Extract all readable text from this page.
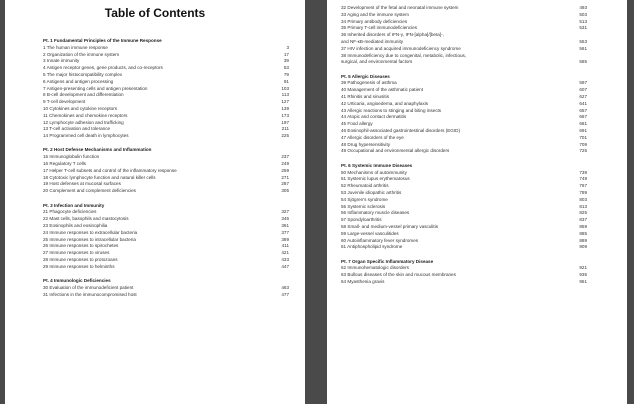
Table of Contents
Pt. 1 Fundamental Principles of the Immune Response
1 The human immune response	3
2 Organization of the immune system	17
3 Innate immunity	39
4 Antigen receptor genes, gene products, and co-receptors	53
5 The major histocompatibility complex	79
6 Antigens and antigen processing	91
7 Antigen-presenting cells and antigen presentation	103
8 B-cell development and differentiation	113
9 T-cell development	127
10 Cytokines and cytokine receptors	139
11 Chemokines and chemokine receptors	173
12 Lymphocyte adhesion and trafficking	197
13 T-cell activation and tolerance	211
14 Programmed cell death in lymphocytes	225
Pt. 2 Host Defense Mechanisms and Inflammation
15 Immunoglobulin function	237
16 Regulatory T cells	249
17 Helper T-cell subsets and control of the inflammatory response	259
18 Cytotoxic lymphocyte function and natural killer cells	271
19 Host defenses at mucosal surfaces	287
20 Complement and complement deficiencies	305
Pt. 3 Infection and Immunity
21 Phagocyte deficiencies	327
22 Mast cells, basophils and mastocytosis	345
23 Eosinophils and eosinophilia	361
24 Immune responses to extracellular bacteria	377
25 Immune responses to intracellular bacteria	389
26 Immune responses to spirochetes	411
27 Immune responses to viruses	421
28 Immune responses to protozoans	433
29 Immune responses to helminths	447
Pt. 4 Immunologic Deficiencies
30 Evaluation of the immunodeficient patient	463
31 Infections in the immunocompromised host	477
32 Development of the fetal and neonatal immune system	493
33 Aging and the immune system	503
34 Primary antibody deficiencies	513
35 Primary T-cell immunodeficiencies	531
36 Inherited disorders of IFN-γ, IFN-[alpha]/[beta]-,
and NF-κB-mediated immunity	553
37 HIV infection and acquired immunodeficiency syndrome	561
38 Immunodeficiency due to congenital, metabolic, infectious,
surgical, and environmental factors	585
Pt. 5 Allergic Diseases
39 Pathogenesis of asthma	597
40 Management of the asthmatic patient	607
41 Rhinitis and sinusitis	627
42 Urticaria, angioedema, and anaphylaxis	641
43 Allergic reactions to stinging and biting insects	657
44 Atopic and contact dermatitis	667
45 Food allergy	681
46 Eosinophil-associated gastrointestinal disorders (EGID)	691
47 Allergic disorders of the eye	701
48 Drug hypersensitivity	709
49 Occupational and environmental allergic disorders	725
Pt. 6 Systemic Immune Diseases
50 Mechanisms of autoimmunity	739
51 Systemic lupus erythematosus	749
52 Rheumatoid arthritis	767
53 Juvenile idiopathic arthritis	789
54 Sjögren's syndrome	803
55 Systemic sclerosis	813
56 Inflammatory muscle diseases	825
57 Spondyloarthritis	837
58 Small- and medium-vessel primary vasculitis	859
59 Large-vessel vasculitides	885
60 Autoinflammatory fever syndromes	889
61 Antiphospholipid syndrome	909
Pt. 7 Organ Specific Inflammatory Disease
62 Immunohematologic disorders	921
63 Bullous diseases of the skin and mucous membranes	935
64 Myasthenia gravis	951
